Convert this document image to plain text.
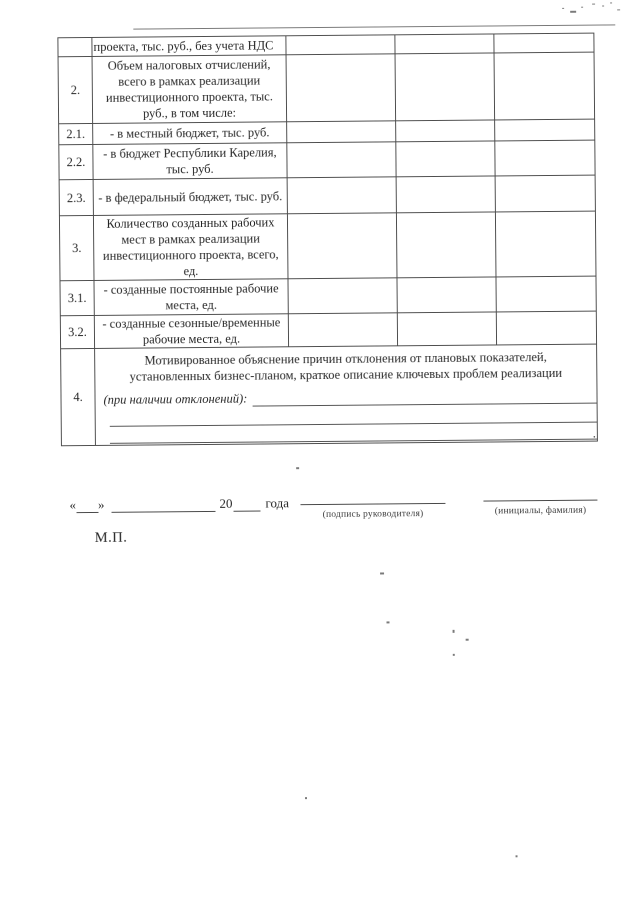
	проекта, тыс. руб., без учета НДС			
2.	Объем налоговых отчислений, всего в рамках реализации инвестиционного проекта, тыс. руб., в том числе:			
2.1.	- в местный бюджет, тыс. руб.			
2.2.	- в бюджет Республики Карелия, тыс. руб.			
2.3.	- в федеральный бюджет, тыс. руб.			
3.	Количество созданных рабочих мест в рамках реализации инвестиционного проекта, всего, ед.			
3.1.	- созданные постоянные рабочие места, ед.			
3.2.	- созданные сезонные/временные рабочие места, ед.			
4.	Мотивированное объяснение причин отклонения от плановых показателей, установленных бизнес-планом, краткое описание ключевых проблем реализации
(при наличии отклонений):
.			
« »	20	года
(подпись руководителя)	(инициалы, фамилия)
М.П.
